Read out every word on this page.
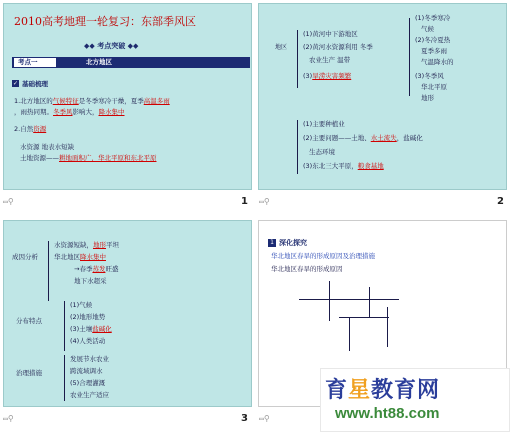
2010高考地理一轮复习：东部季风区
◆◆ 考点突破 ◆◆
考点一	北方地区
✓ 基础梳理
1.北方地区的气候特征是冬季寒冷干燥，夏季高温多雨
，雨热同期。冬季风影响大，降水集中
2.自然资源
水资源 地表水短缺
土地资源——耕地面积广，华北平原和东北平原
▭⚲	1
地区
(1)黄河中下游地区
(2)黄河水资源利用 冬季
农业生产 温带
(3)旱涝灾害频繁
(1)冬季寒冷
气候
(2)冬冷夏热
夏季多雨
气温降水的
(3)冬季风
华北平原
地形
(1)主要种植业
(2)主要问题——土地、水土流失，盐碱化
生态环境
(3)东北三大平原，粮食基地
▭⚲	2
成因分析
水资源短缺，地形平坦
华北地区降水集中
→春季蒸发旺盛
地下水超采
分布特点
(1)气候
(2)地形地势
(3)土壤盐碱化
(4)人类活动
治理措施
发展节水农业
跨流域调水
(5)合理灌溉
农业生产适应
▭⚲	3
1 深化探究
华北地区春旱的形成原因及治理措施
华北地区春旱的形成原因
▭⚲
育星教育网
www.ht88.com
